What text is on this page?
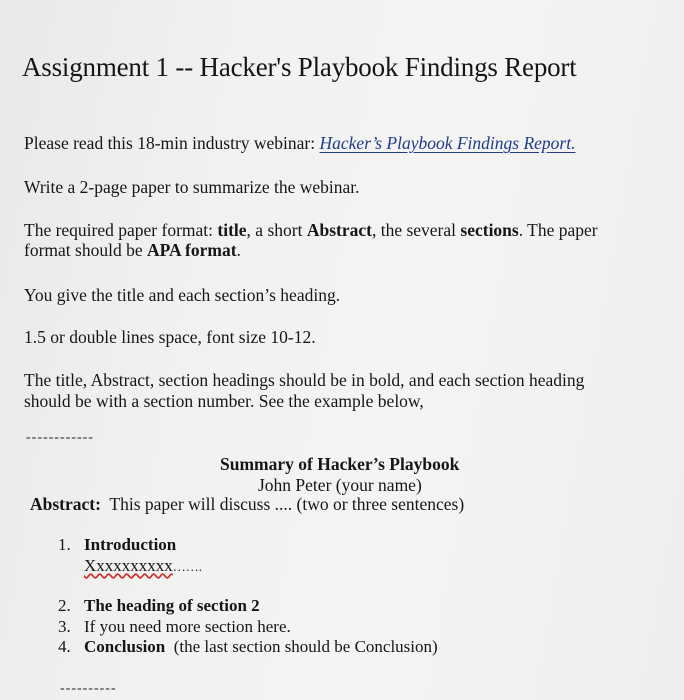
Assignment 1 -- Hacker's Playbook Findings Report
Please read this 18-min industry webinar: Hacker’s Playbook Findings Report.
Write a 2-page paper to summarize the webinar.
The required paper format: title, a short Abstract, the several sections. The paper
format should be APA format.
You give the title and each section’s heading.
1.5 or double lines space, font size 10-12.
The title, Abstract, section headings should be in bold, and each section heading
should be with a section number. See the example below,
------------
Summary of Hacker’s Playbook
John Peter (your name)
Abstract: This paper will discuss .... (two or three sentences)
1. Introduction
Xxxxxxxxxx…….
2. The heading of section 2
3. If you need more section here.
4. Conclusion (the last section should be Conclusion)
----------
